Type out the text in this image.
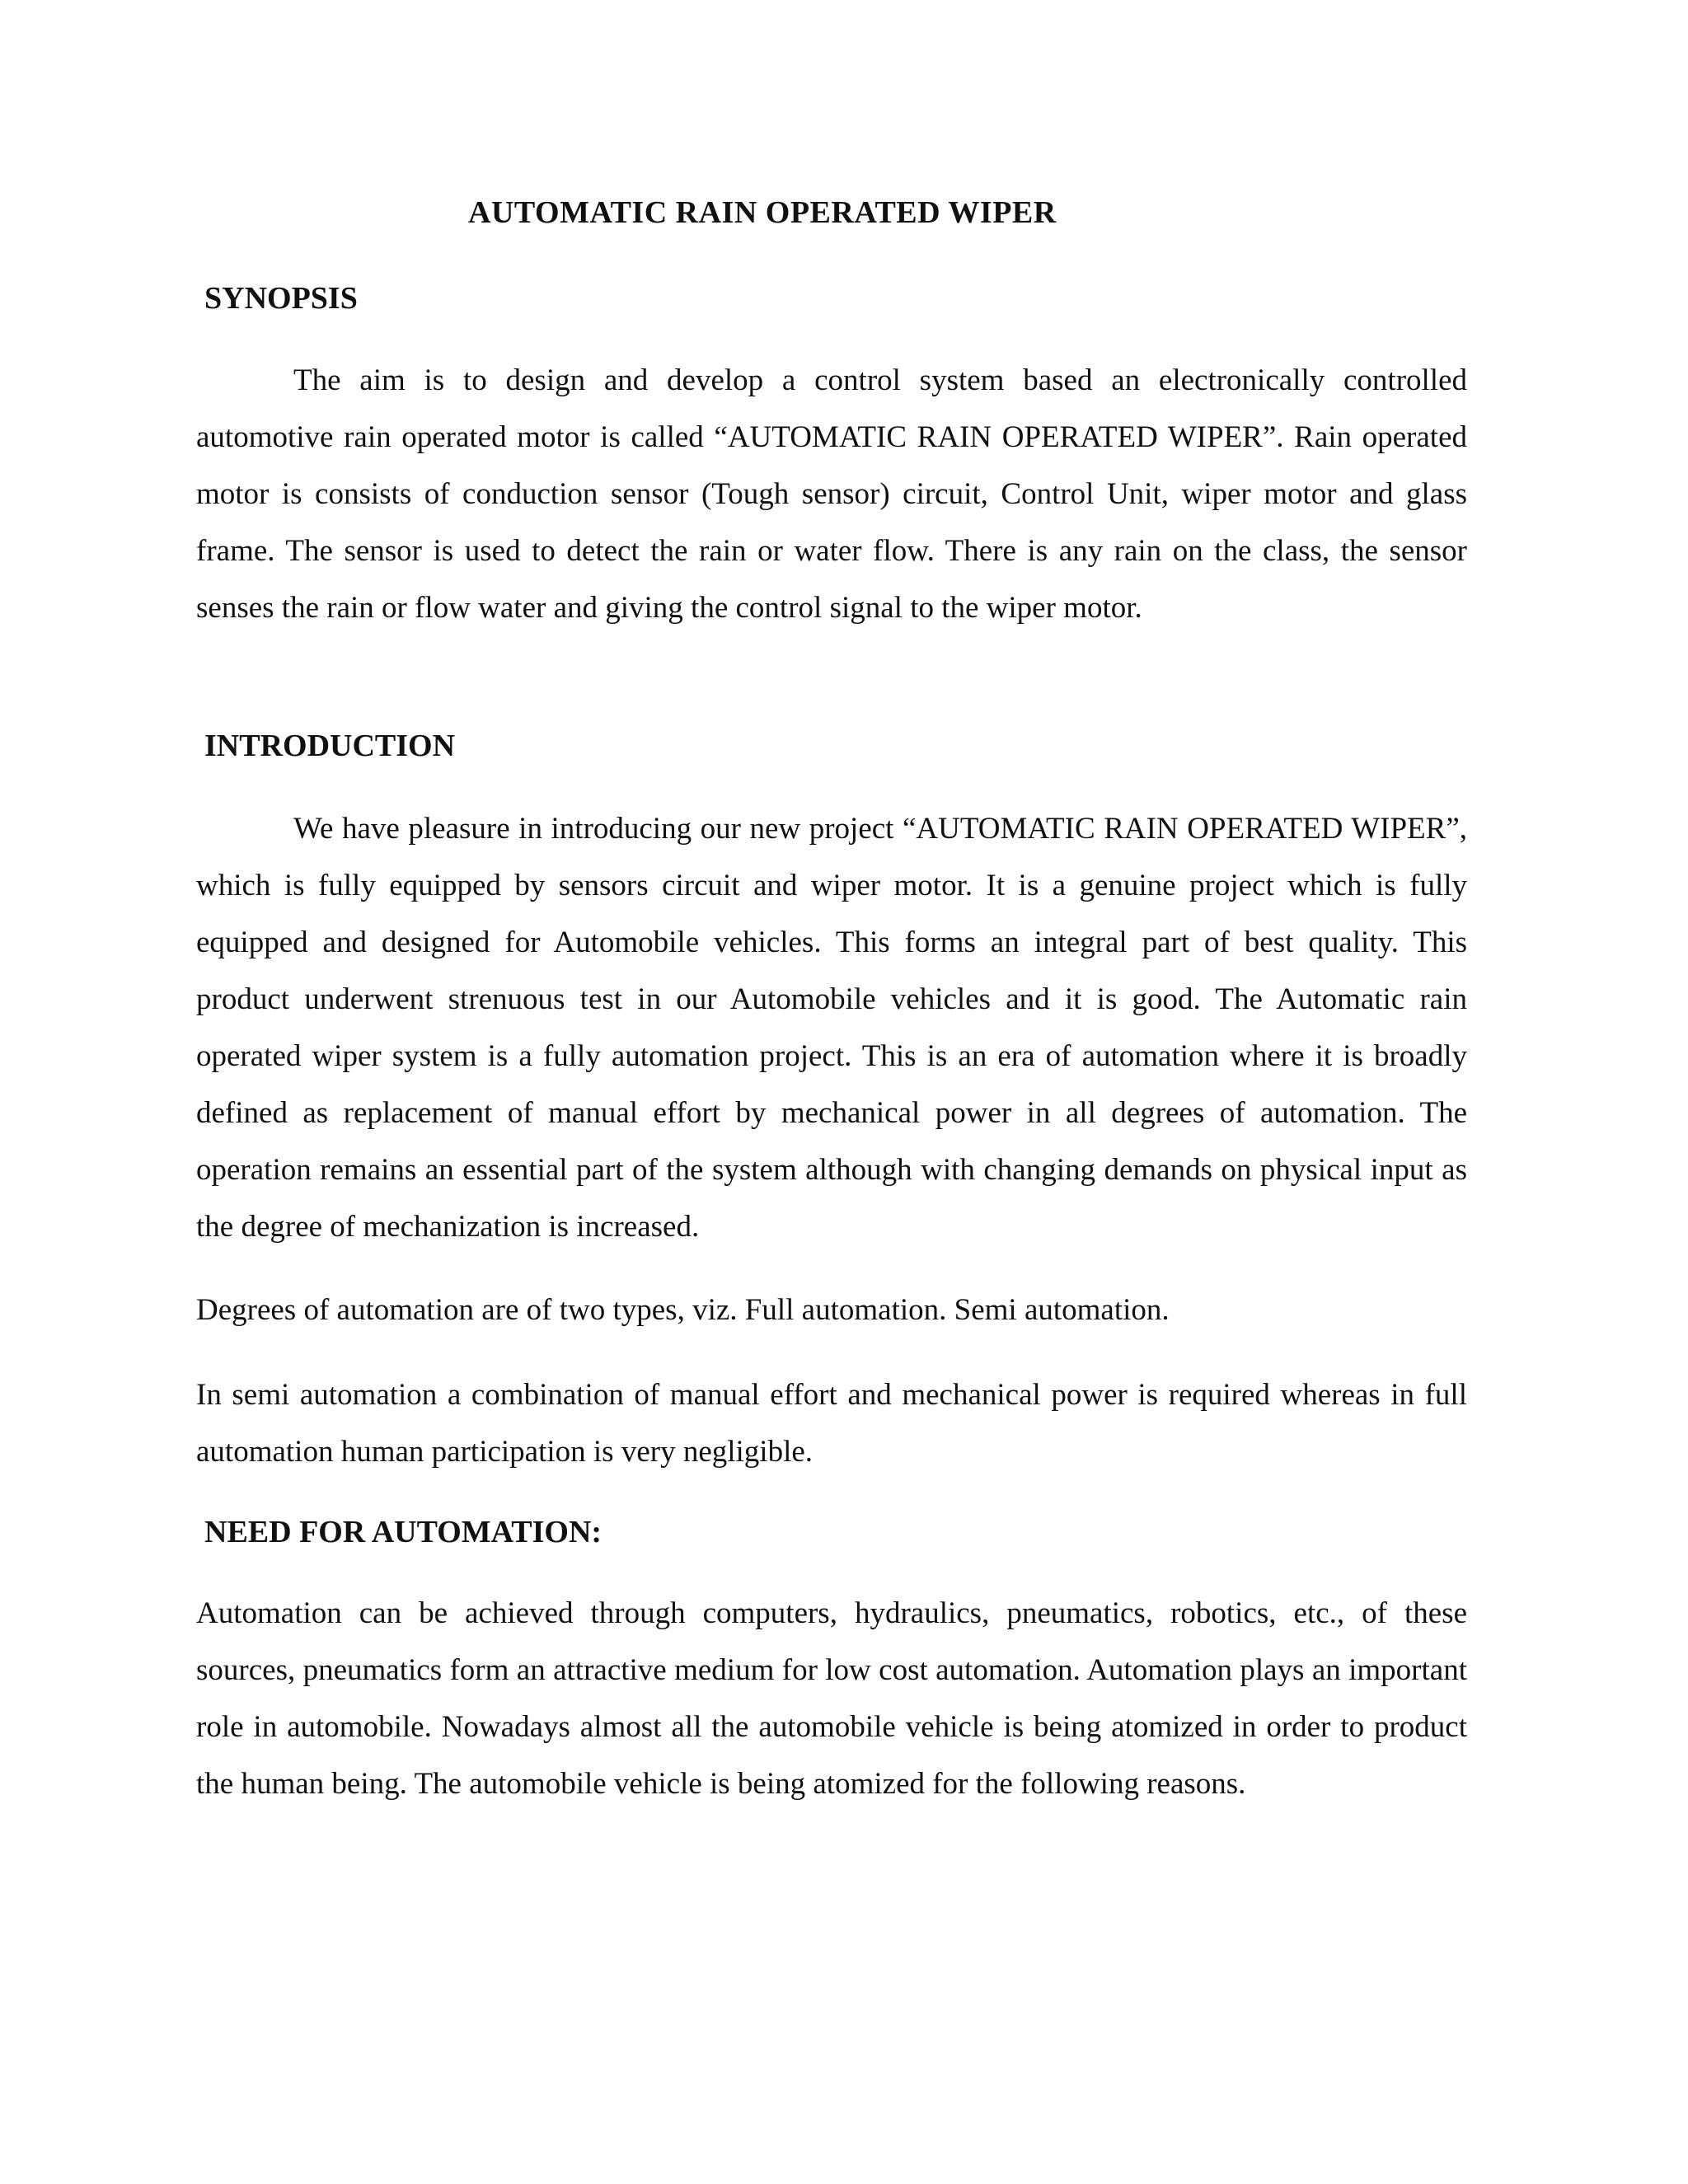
AUTOMATIC RAIN OPERATED WIPER
SYNOPSIS

The aim is to design and develop a control system based an electronically controlled automotive rain operated motor is called “AUTOMATIC RAIN OPERATED WIPER”. Rain operated motor is consists of conduction sensor (Tough sensor) circuit, Control Unit, wiper motor and glass frame. The sensor is used to detect the rain or water flow. There is any rain on the class, the sensor senses the rain or flow water and giving the control signal to the wiper motor.

INTRODUCTION

We have pleasure in introducing our new project “AUTOMATIC RAIN OPERATED WIPER”, which is fully equipped by sensors circuit and wiper motor. It is a genuine project which is fully equipped and designed for Automobile vehicles. This forms an integral part of best quality. This product underwent strenuous test in our Automobile vehicles and it is good. The Automatic rain operated wiper system is a fully automation project. This is an era of automation where it is broadly defined as replacement of manual effort by mechanical power in all degrees of automation. The operation remains an essential part of the system although with changing demands on physical input as the degree of mechanization is increased.

Degrees of automation are of two types, viz. Full automation. Semi automation.

In semi automation a combination of manual effort and mechanical power is required whereas in full automation human participation is very negligible.

NEED FOR AUTOMATION:

Automation can be achieved through computers, hydraulics, pneumatics, robotics, etc., of these sources, pneumatics form an attractive medium for low cost automation. Automation plays an important role in automobile. Nowadays almost all the automobile vehicle is being atomized in order to product the human being. The automobile vehicle is being atomized for the following reasons.
